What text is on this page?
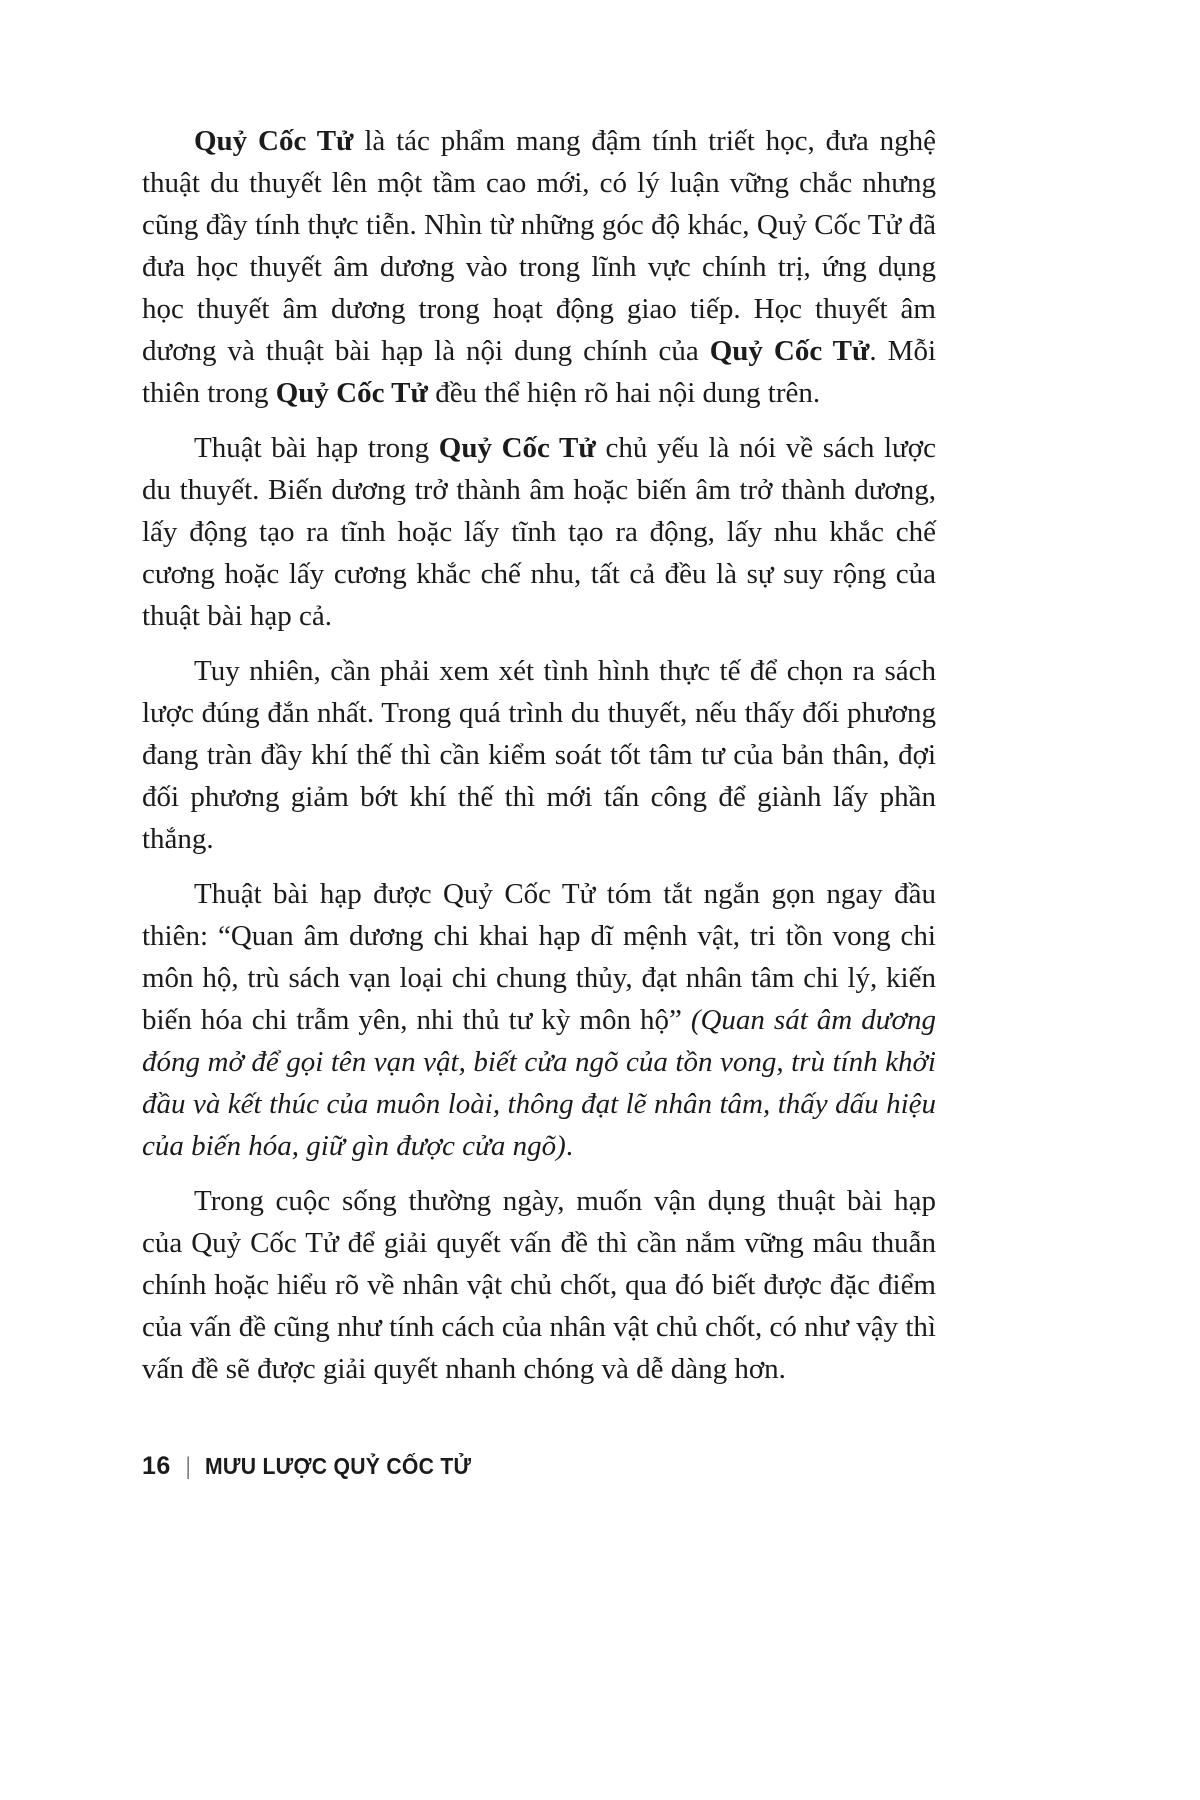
Quỷ Cốc Tử là tác phẩm mang đậm tính triết học, đưa nghệ thuật du thuyết lên một tầm cao mới, có lý luận vững chắc nhưng cũng đầy tính thực tiễn. Nhìn từ những góc độ khác, Quỷ Cốc Tử đã đưa học thuyết âm dương vào trong lĩnh vực chính trị, ứng dụng học thuyết âm dương trong hoạt động giao tiếp. Học thuyết âm dương và thuật bài hạp là nội dung chính của Quỷ Cốc Tử. Mỗi thiên trong Quỷ Cốc Tử đều thể hiện rõ hai nội dung trên.

Thuật bài hạp trong Quỷ Cốc Tử chủ yếu là nói về sách lược du thuyết. Biến dương trở thành âm hoặc biến âm trở thành dương, lấy động tạo ra tĩnh hoặc lấy tĩnh tạo ra động, lấy nhu khắc chế cương hoặc lấy cương khắc chế nhu, tất cả đều là sự suy rộng của thuật bài hạp cả.

Tuy nhiên, cần phải xem xét tình hình thực tế để chọn ra sách lược đúng đắn nhất. Trong quá trình du thuyết, nếu thấy đối phương đang tràn đầy khí thế thì cần kiểm soát tốt tâm tư của bản thân, đợi đối phương giảm bớt khí thế thì mới tấn công để giành lấy phần thắng.

Thuật bài hạp được Quỷ Cốc Tử tóm tắt ngắn gọn ngay đầu thiên: “Quan âm dương chi khai hạp dĩ mệnh vật, tri tồn vong chi môn hộ, trù sách vạn loại chi chung thủy, đạt nhân tâm chi lý, kiến biến hóa chi trẫm yên, nhi thủ tư kỳ môn hộ” (Quan sát âm dương đóng mở để gọi tên vạn vật, biết cửa ngõ của tồn vong, trù tính khởi đầu và kết thúc của muôn loài, thông đạt lẽ nhân tâm, thấy dấu hiệu của biến hóa, giữ gìn được cửa ngõ).

Trong cuộc sống thường ngày, muốn vận dụng thuật bài hạp của Quỷ Cốc Tử để giải quyết vấn đề thì cần nắm vững mâu thuẫn chính hoặc hiểu rõ về nhân vật chủ chốt, qua đó biết được đặc điểm của vấn đề cũng như tính cách của nhân vật chủ chốt, có như vậy thì vấn đề sẽ được giải quyết nhanh chóng và dễ dàng hơn.

16 | MƯU LƯỢC QUỶ CỐC TỬ
